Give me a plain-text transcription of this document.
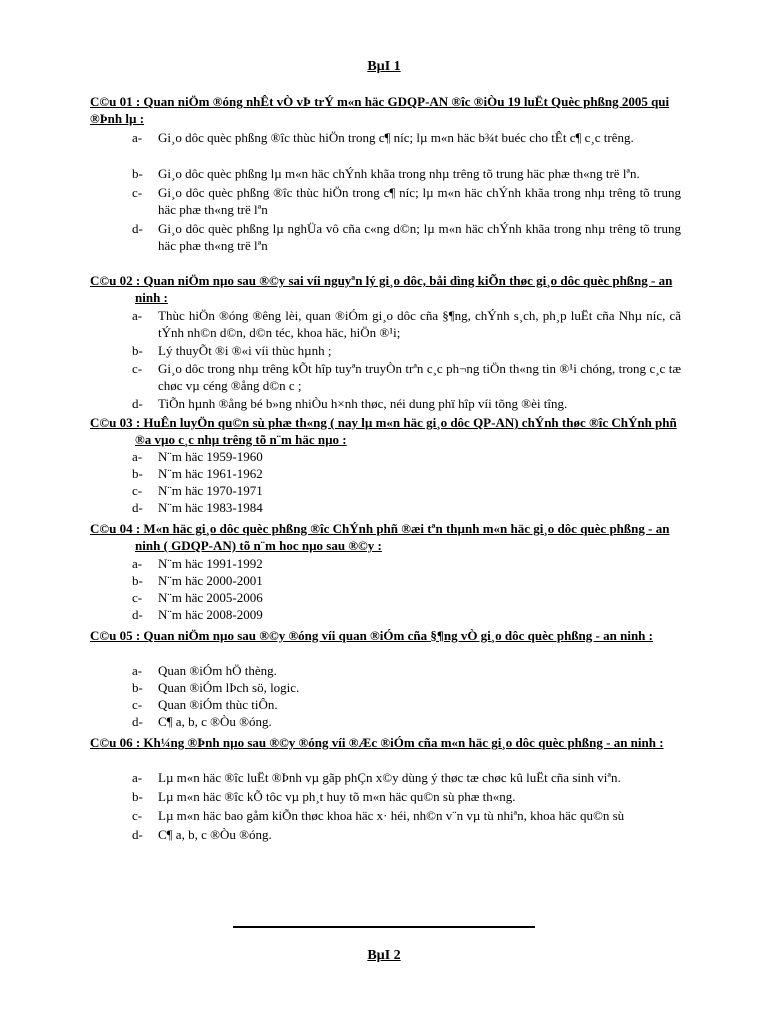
BµI 1
C©u 01 : Quan niÖm ®óng nhÊt vÒ vÞ trÝ m«n häc GDQP-AN ®îc ®iÒu 19 luËt Quèc phßng 2005 qui ®Þnh lµ :
a- Gi¸o dôc quèc phßng ®îc thùc hiÖn trong c¶ níc; lµ m«n häc b¾t buéc cho tÊt c¶ c¸c trêng.
b- Gi¸o dôc quèc phßng lµ m«n häc chÝnh khãa trong nhµ trêng tõ trung häc phæ th«ng trë lªn.
c- Gi¸o dôc quèc phßng ®îc thùc hiÖn trong c¶ níc; lµ m«n häc chÝnh khãa trong nhµ trêng tõ trung häc phæ th«ng trë lªn
d- Gi¸o dôc quèc phßng lµ nghÜa vô cña c«ng d©n; lµ m«n häc chÝnh khãa trong nhµ trêng tõ trung häc phæ th«ng trë lªn
C©u 02 : Quan niÖm nµo sau ®©y sai víi nguyªn lý gi¸o dôc, båi dìng kiÕn thøc gi¸o dôc quèc phßng - an ninh :
a- Thùc hiÖn ®óng ®êng lèi, quan ®iÓm gi¸o dôc cña §¶ng, chÝnh s¸ch, ph¸p luËt cña Nhµ níc, cã tÝnh nh©n d©n, d©n téc, khoa häc, hiÖn ®¹i;
b- Lý thuyÕt ®i ®«i víi thùc hµnh ;
c- Gi¸o dôc trong nhµ trêng kÕt hîp tuyªn truyÒn trªn c¸c ph¬ng tiÖn th«ng tin ®¹i chóng, trong c¸c tæ chøc vµ céng ®ång d©n c ;
d- TiÕn hµnh ®ång bé b»ng nhiÒu h×nh thøc, néi dung phï hîp víi tõng ®èi tîng.
C©u 03 : HuÊn luyÖn qu©n sù phæ th«ng ( nay lµ m«n häc gi¸o dôc QP-AN) chÝnh thøc ®îc ChÝnh phñ ®a vµo c¸c nhµ trêng tõ n¨m häc nµo :
a- N¨m häc 1959-1960
b- N¨m häc 1961-1962
c- N¨m häc 1970-1971
d- N¨m häc 1983-1984
C©u 04 : M«n häc gi¸o dôc quèc phßng ®îc ChÝnh phñ ®æi tªn thµnh m«n häc gi¸o dôc quèc phßng - an ninh ( GDQP-AN) tõ n¨m hoc nµo sau ®©y :
a- N¨m häc 1991-1992
b- N¨m häc 2000-2001
c- N¨m häc 2005-2006
d- N¨m häc 2008-2009
C©u 05 : Quan niÖm nµo sau ®©y ®óng víi quan ®iÓm cña §¶ng vÒ gi¸o dôc quèc phßng - an ninh :
a- Quan ®iÓm hÖ thèng.
b- Quan ®iÓm lÞch sö, logic.
c- Quan ®iÓm thùc tiÔn.
d- C¶ a, b, c ®Òu ®óng.
C©u 06 : Kh¼ng ®Þnh nµo sau ®©y ®óng víi ®Æc ®iÓm cña m«n häc gi¸o dôc quèc phßng - an ninh :
a- Lµ m«n häc ®îc luËt ®Þnh vµ gãp phÇn x©y dùng ý thøc tæ chøc kû luËt cña sinh viªn.
b- Lµ m«n häc ®îc kÕ tôc vµ ph¸t huy tõ m«n häc qu©n sù phæ th«ng.
c- Lµ m«n häc bao gåm kiÕn thøc khoa häc x· héi, nh©n v¨n vµ tù nhiªn, khoa häc qu©n sù
d- C¶ a, b, c ®Òu ®óng.
BµI 2
